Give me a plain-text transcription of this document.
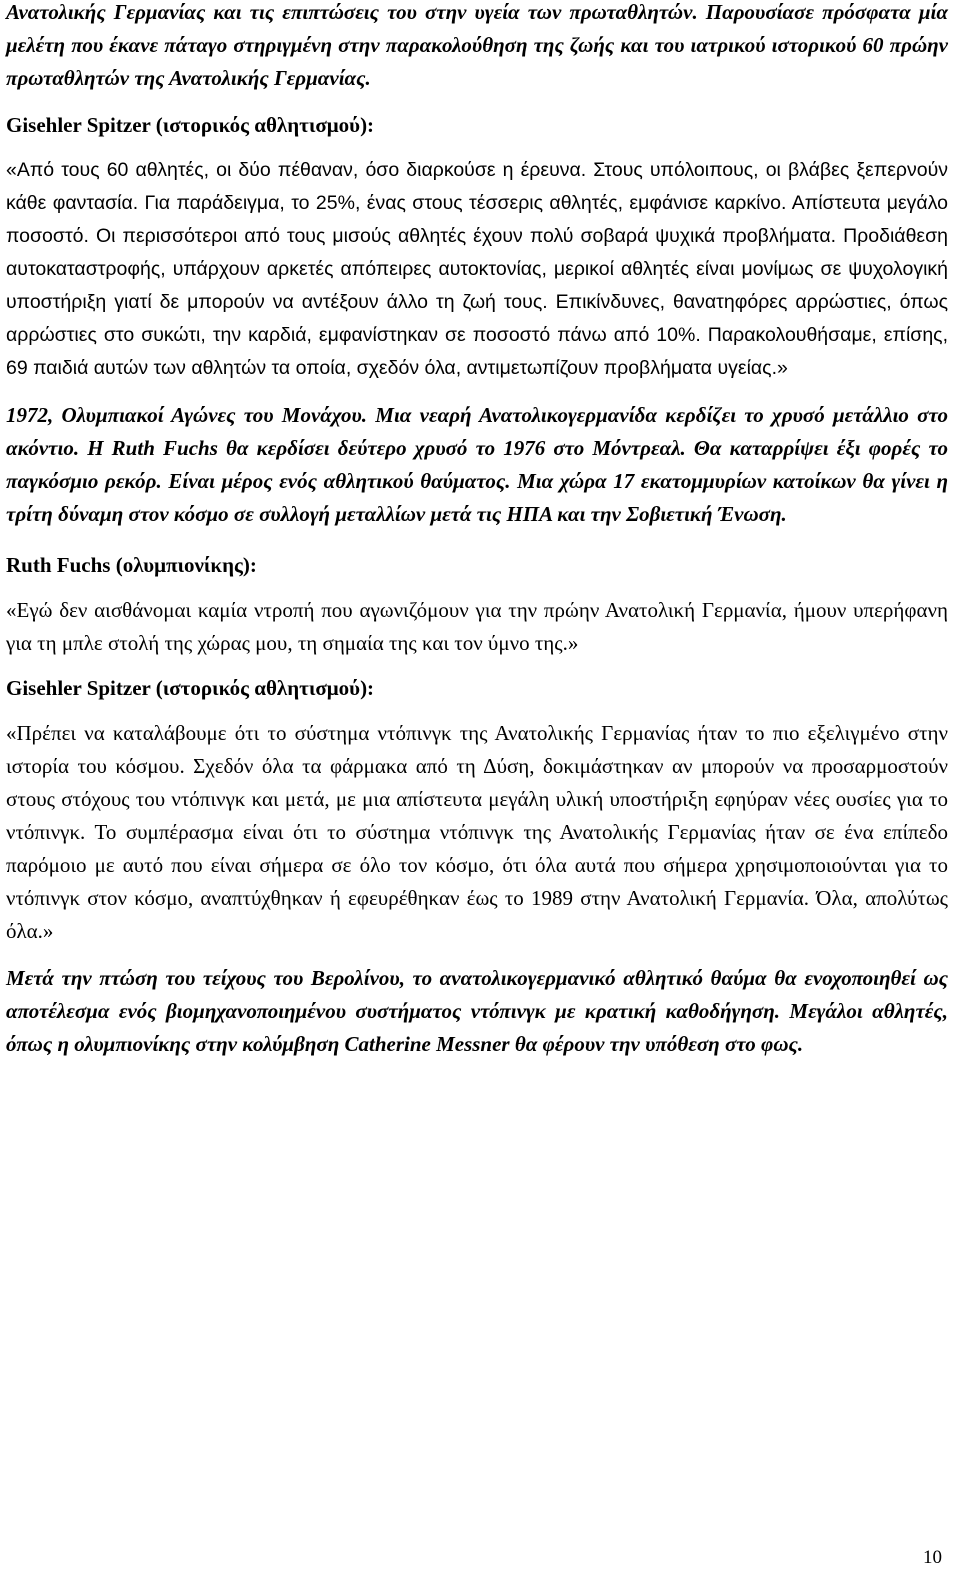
Ανατολικής Γερμανίας και τις επιπτώσεις του στην υγεία των πρωταθλητών. Παρουσίασε πρόσφατα μία μελέτη που έκανε πάταγο στηριγμένη στην παρακολούθηση της ζωής και του ιατρικού ιστορικού 60 πρώην πρωταθλητών της Ανατολικής Γερμανίας.

Gisehler Spitzer (ιστορικός αθλητισμού):

«Από τους 60 αθλητές, οι δύο πέθαναν, όσο διαρκούσε η έρευνα. Στους υπόλοιπους, οι βλάβες ξεπερνούν κάθε φαντασία. Για παράδειγμα, το 25%, ένας στους τέσσερις αθλητές, εμφάνισε καρκίνο. Απίστευτα μεγάλο ποσοστό. Οι περισσότεροι από τους μισούς αθλητές έχουν πολύ σοβαρά ψυχικά προβλήματα. Προδιάθεση αυτοκαταστροφής, υπάρχουν αρκετές απόπειρες αυτοκτονίας, μερικοί αθλητές είναι μονίμως σε ψυχολογική υποστήριξη γιατί δε μπορούν να αντέξουν άλλο τη ζωή τους. Επικίνδυνες, θανατηφόρες αρρώστιες, όπως αρρώστιες στο συκώτι, την καρδιά, εμφανίστηκαν σε ποσοστό πάνω από 10%. Παρακολουθήσαμε, επίσης, 69 παιδιά αυτών των αθλητών τα οποία, σχεδόν όλα, αντιμετωπίζουν προβλήματα υγείας.»

1972, Ολυμπιακοί Αγώνες του Μονάχου. Μια νεαρή Ανατολικογερμανίδα κερδίζει το χρυσό μετάλλιο στο ακόντιο. Η Ruth Fuchs θα κερδίσει δεύτερο χρυσό το 1976 στο Μόντρεαλ. Θα καταρρίψει έξι φορές το παγκόσμιο ρεκόρ. Είναι μέρος ενός αθλητικού θαύματος. Μια χώρα 17 εκατομμυρίων κατοίκων θα γίνει η τρίτη δύναμη στον κόσμο σε συλλογή μεταλλίων μετά τις ΗΠΑ και την Σοβιετική Ένωση.

Ruth Fuchs (ολυμπιονίκης):

«Εγώ δεν αισθάνομαι καμία ντροπή που αγωνιζόμουν για την πρώην Ανατολική Γερμανία, ήμουν υπερήφανη για τη μπλε στολή της χώρας μου, τη σημαία της και τον ύμνο της.»

Gisehler Spitzer (ιστορικός αθλητισμού):

«Πρέπει να καταλάβουμε ότι το σύστημα ντόπινγκ της Ανατολικής Γερμανίας ήταν το πιο εξελιγμένο στην ιστορία του κόσμου. Σχεδόν όλα τα φάρμακα από τη Δύση, δοκιμάστηκαν αν μπορούν να προσαρμοστούν στους στόχους του ντόπινγκ και μετά, με μια απίστευτα μεγάλη υλική υποστήριξη εφηύραν νέες ουσίες για το ντόπινγκ. Το συμπέρασμα είναι ότι το σύστημα ντόπινγκ της Ανατολικής Γερμανίας ήταν σε ένα επίπεδο παρόμοιο με αυτό που είναι σήμερα σε όλο τον κόσμο, ότι όλα αυτά που σήμερα χρησιμοποιούνται για το ντόπινγκ στον κόσμο, αναπτύχθηκαν ή εφευρέθηκαν έως το 1989 στην Ανατολική Γερμανία. Όλα, απολύτως όλα.»

Μετά την πτώση του τείχους του Βερολίνου, το ανατολικογερμανικό αθλητικό θαύμα θα ενοχοποιηθεί ως αποτέλεσμα ενός βιομηχανοποιημένου συστήματος ντόπινγκ με κρατική καθοδήγηση. Μεγάλοι αθλητές, όπως η ολυμπιονίκης στην κολύμβηση Catherine Messner θα φέρουν την υπόθεση στο φως.

10
